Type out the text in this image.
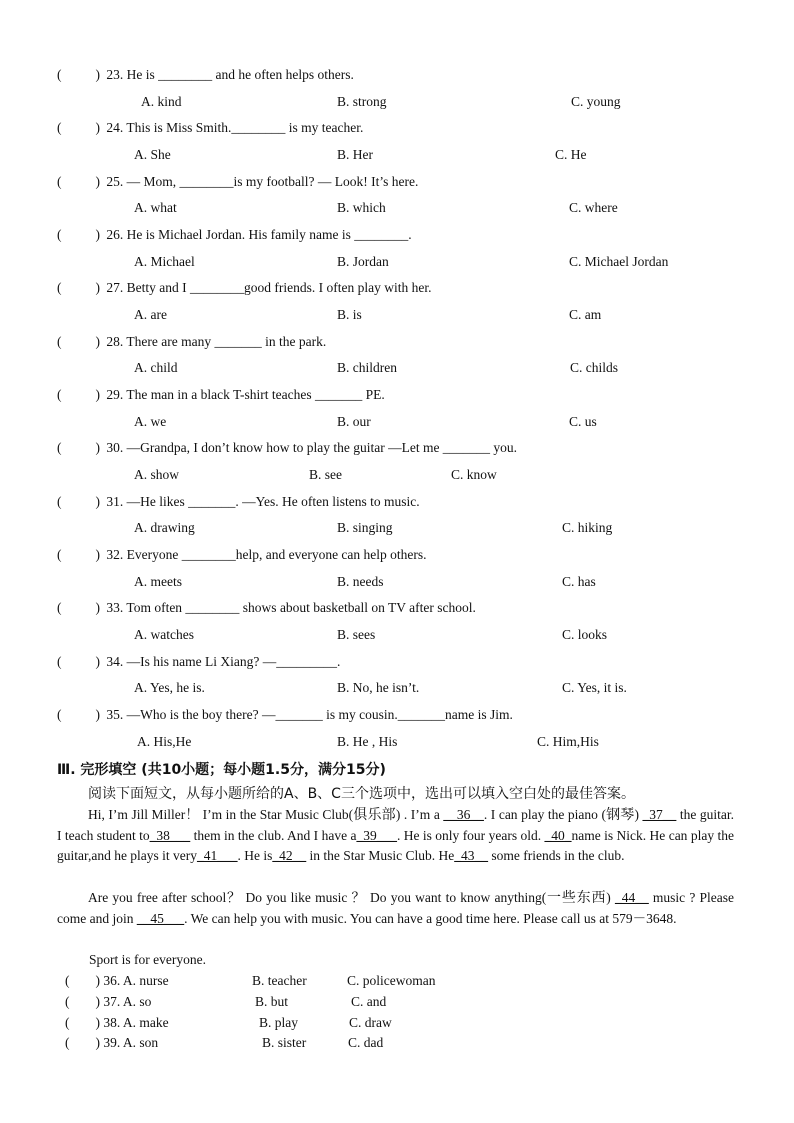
(	) 23. He is ________ and he often helps others.
A. kind	B. strong	C. young
(	) 24. This is Miss Smith.________ is my teacher.
A. She	B. Her	C. He
(	) 25. — Mom, ________is my football? — Look! It’s here.
A. what	B. which	C. where
(	) 26. He is Michael Jordan. His family name is ________.
A. Michael	B. Jordan	C. Michael Jordan
(	) 27. Betty and I ________good friends. I often play with her.
A. are	B. is	C. am
(	) 28. There are many _______ in the park.
A. child	B. children	C. childs
(	) 29. The man in a black T-shirt teaches _______ PE.
A. we	B. our	C. us
(	) 30. —Grandpa, I don’t know how to play the guitar —Let me _______ you.
A. show	B. see	C. know
(	) 31. —He likes _______. —Yes. He often listens to music.
A. drawing	B. singing	C. hiking
(	) 32. Everyone ________help, and everyone can help others.
A. meets	B. needs	C. has
(	) 33. Tom often ________ shows about basketball on TV after school.
A. watches	B. sees	C. looks
(	) 34. —Is his name Li Xiang? —_________.
A. Yes, he is.	B. No, he isn’t.	C. Yes, it is.
(	) 35. —Who is the boy there? —_______ is my cousin._______name is Jim.
A. His,He	B. He , His	C. Him,His
Ⅲ. 完形填空 (共10小题；每小题1.5分，满分15分)
阅读下面短文，从每小题所给的A、B、C三个选项中，选出可以填入空白处的最佳答案。
Hi, I’m Jill Miller！ I’m in the Star Music Club(俱乐部) . I’m a __36__. I can play the piano (钢琴) _37__ the guitar. I teach student to_38___ them in the club. And I have a_39___. He is only four years old. _40_name is Nick. He can play the guitar,and he plays it very_41___. He is_42__ in the Star Music Club. He_43__ some friends in the club.
Are you free after school？ Do you like music ？ Do you want to know anything(一些东西) _44__ music ? Please come and join __45___. We can help you with music. You can have a good time here. Please call us at 579－3648.
Sport is for everyone.
( ) 36. A. nurse	B. teacher	C. policewoman
( ) 37. A. so	B. but	C. and
( ) 38. A. make	B. play	C. draw
( ) 39. A. son	B. sister	C. dad
